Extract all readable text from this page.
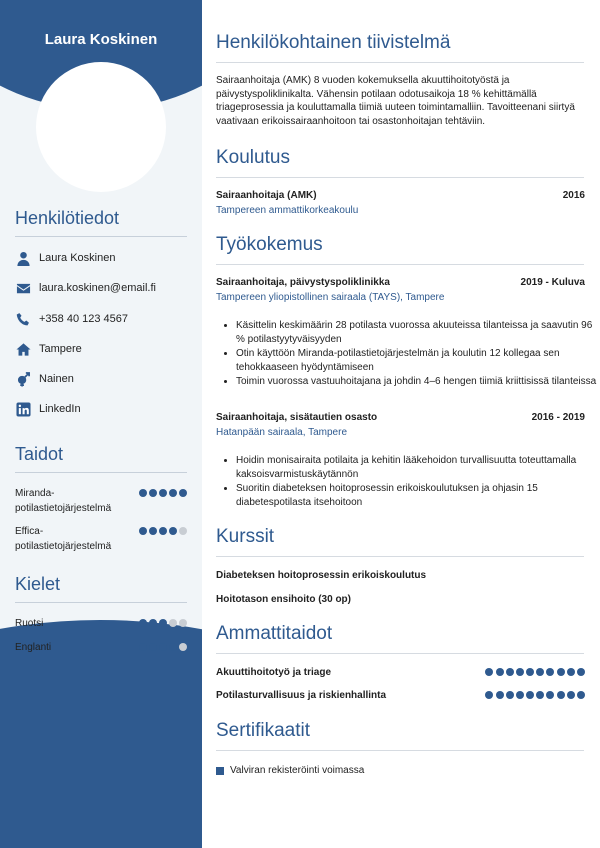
Laura Koskinen
Henkilötiedot
Laura Koskinen
laura.koskinen@email.fi
+358 40 123 4567
Tampere
Nainen
LinkedIn
Taidot
Miranda-potilastietojärjestelmä
Effica-potilastietojärjestelmä
Kielet
Ruotsi
Englanti
Henkilökohtainen tiivistelmä
Sairaanhoitaja (AMK) 8 vuoden kokemuksella akuuttihoitotyöstä ja päivystyspoliklinikalta. Vähensin potilaan odotusaikoja 18 % kehittämällä triageprosessia ja kouluttamalla tiimiä uuteen toimintamalliin. Tavoitteenani siirtyä vaativaan erikoissairaanhoitoon tai osastonhoitajan tehtäviin.
Koulutus
Sairaanhoitaja (AMK)	2016
Tampereen ammattikorkeakoulu
Työkokemus
Sairaanhoitaja, päivystyspoliklinikka	2019 - Kuluva
Tampereen yliopistollinen sairaala (TAYS), Tampere
• Käsittelin keskimäärin 28 potilasta vuorossa akuuteissa tilanteissa ja saavutin 96 % potilastyytyväisyyden
• Otin käyttöön Miranda-potilastietojärjestelmän ja koulutin 12 kollegaa sen tehokkaaseen hyödyntämiseen
• Toimin vuorossa vastuuhoitajana ja johdin 4–6 hengen tiimiä kriittisissä tilanteissa
Sairaanhoitaja, sisätautien osasto	2016 - 2019
Hatanpään sairaala, Tampere
• Hoidin monisairaita potilaita ja kehitin lääkehoidon turvallisuutta toteuttamalla kaksoisvarmistuskäytännön
• Suoritin diabeteksen hoitoprosessin erikoiskoulutuksen ja ohjasin 15 diabetespotilasta itsehoitoon
Kurssit
Diabeteksen hoitoprosessin erikoiskoulutus
Hoitotason ensihoito (30 op)
Ammattitaidot
Akuuttihoitotyö ja triage
Potilasturvallisuus ja riskienhallinta
Sertifikaatit
Valviran rekisteröinti voimassa
